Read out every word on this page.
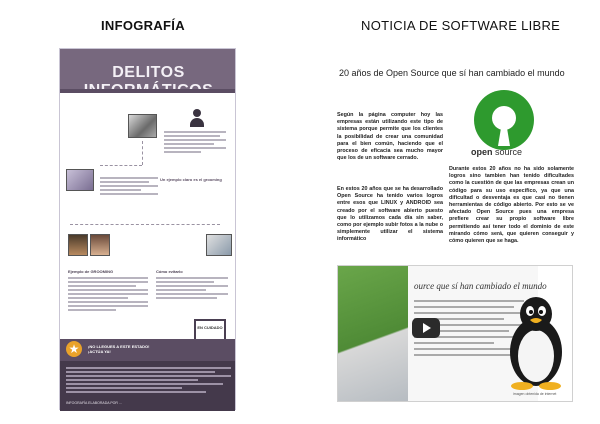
INFOGRAFÍA	NOTICIA DE SOFTWARE LIBRE
DELITOS
Un ejemplo claro es el grooming
Ejemplo de GROOMING	Cómo evitarlo
EN CUIDADO
★	¡NO LLEGUES A ESTE ESTADO!
¡ACTÚA YA!
INFOGRAFÍA ELABORADA POR ...
20 años de Open Source que sí han cambiado el mundo
open source
Según la página computer hoy las empresas están utilizando este tipo de sistema porque permite que los clientes la posibilidad de crear una comunidad para el bien común, haciendo que el proceso de eficacia sea mucho mayor que los de un software cerrado.
En estos 20 años que se ha desarrollado Open Source ha tenido varios logros entre esos que LINUX y ANDROID sea creado por el software abierto puesto que lo utilizamos cada día sin saber, como por ejemplo subir fotos a la nube o simplemente utilizar el sistema informático
Durante estos 20 años no ha sido solamente logros sino tambien han tenido dificultades como la cuestión de que las empresas crean un código para su uso específico, ya que una dificultad o desventaja es que casi no tienen herramientas de código abierto. Por esto se ve afectado Open Source pues una empresa prefiere crear su propio software libre permitiendo así tener todo el dominio de este mirando cómo será, que quieren conseguir y cómo quieren que se haga.
ource que sí han cambiado el mundo
imagen obtenida de internet
